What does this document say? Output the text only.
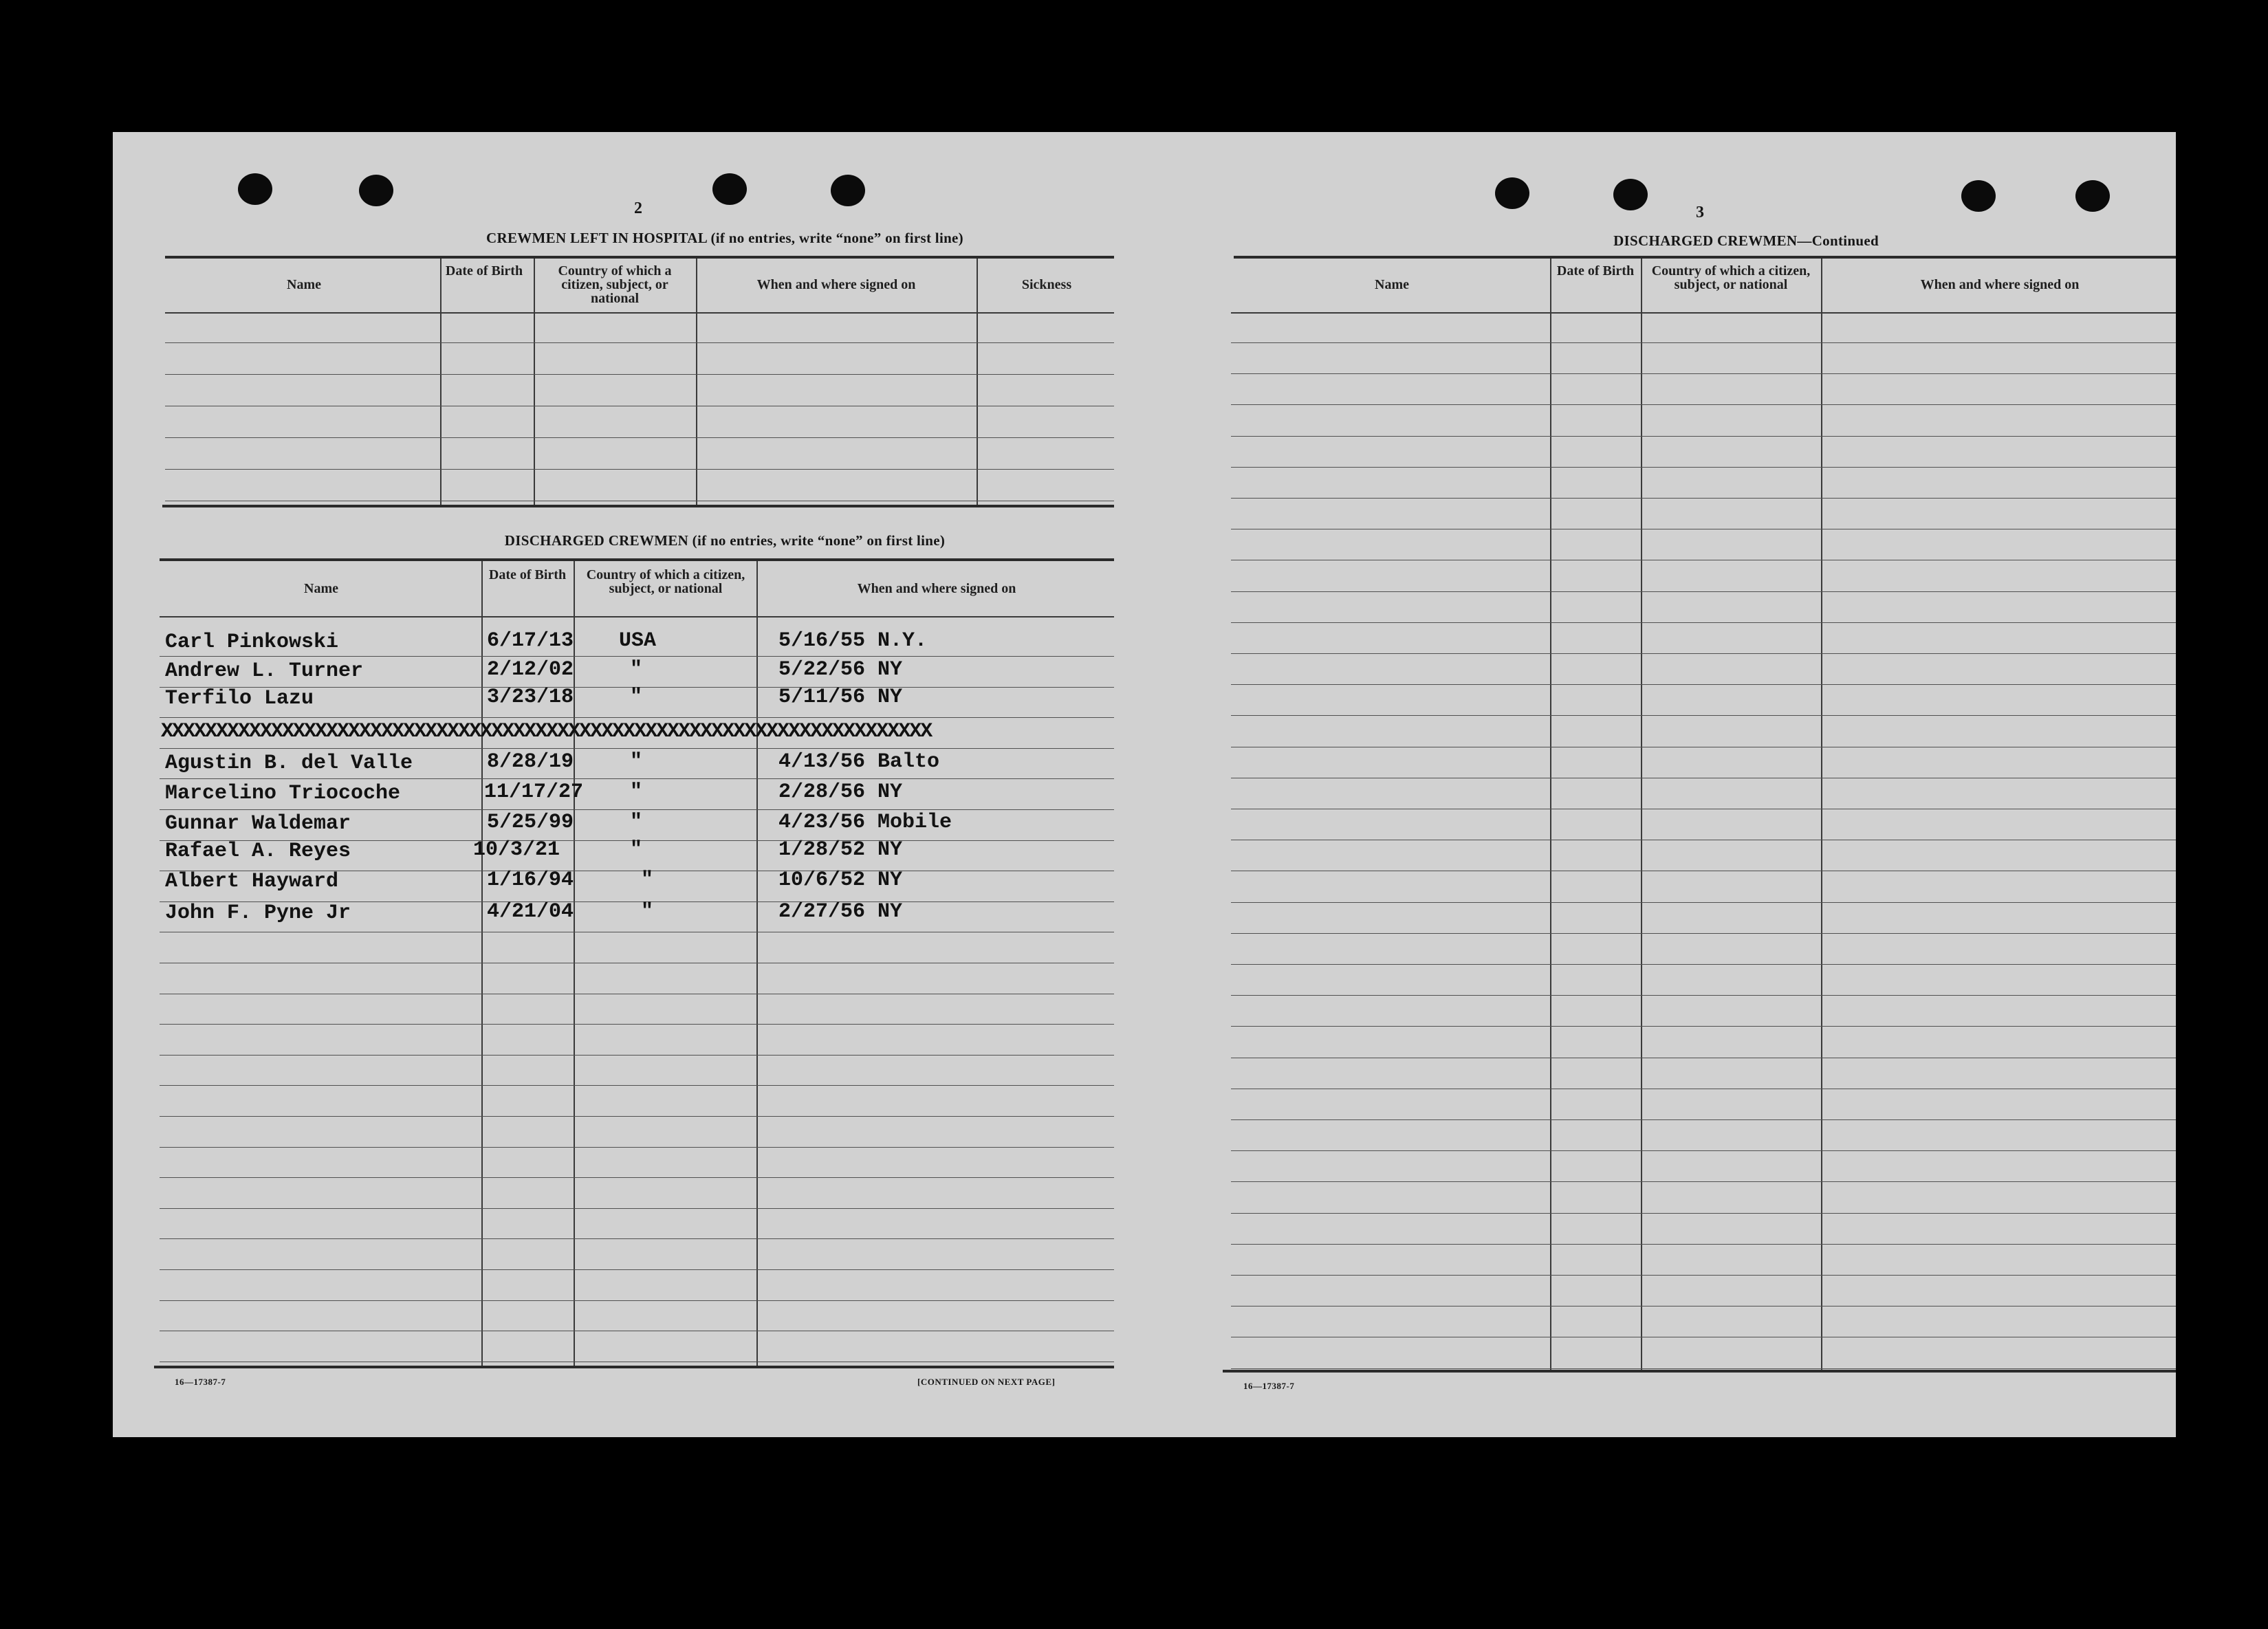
2
CREWMEN LEFT IN HOSPITAL (if no entries, write “none” on first line)
Name
Date of Birth	Country of which a citizen, subject, or national
When and where signed on	Sickness
DISCHARGED CREWMEN (if no entries, write “none” on first line)
Name
Date of Birth	Country of which a citizen, subject, or national	When and where signed on
Carl Pinkowski	6/17/13 USA	5/16/55 N.Y.
Andrew L. Turner	2/12/02	"	5/22/56 NY
Terfilo Lazu	3/23/18	"	5/11/56 NY
XXXXXXXXXXXXXXXXXXXXXXXXXXXXXXXXXXXXXXXXXXXXXXXXXXXXXXXXXXXXXXXXXXXXXX
Agustin B. del Valle	8/28/19	"	4/13/56 Balto
Marcelino Triocoche	11/17/27 "	2/28/56 NY
Gunnar Waldemar	5/25/99	"	4/23/56 Mobile
Rafael A. Reyes	10/3/21	"	1/28/52 NY
Albert Hayward	1/16/94	"	10/6/52 NY
John F. Pyne Jr	4/21/04	"	2/27/56 NY
16—17387-7	[CONTINUED ON NEXT PAGE]
3
DISCHARGED CREWMEN—Continued
Name
Date of Birth	Country of which a citizen, subject, or national	When and where signed on
16—17387-7
